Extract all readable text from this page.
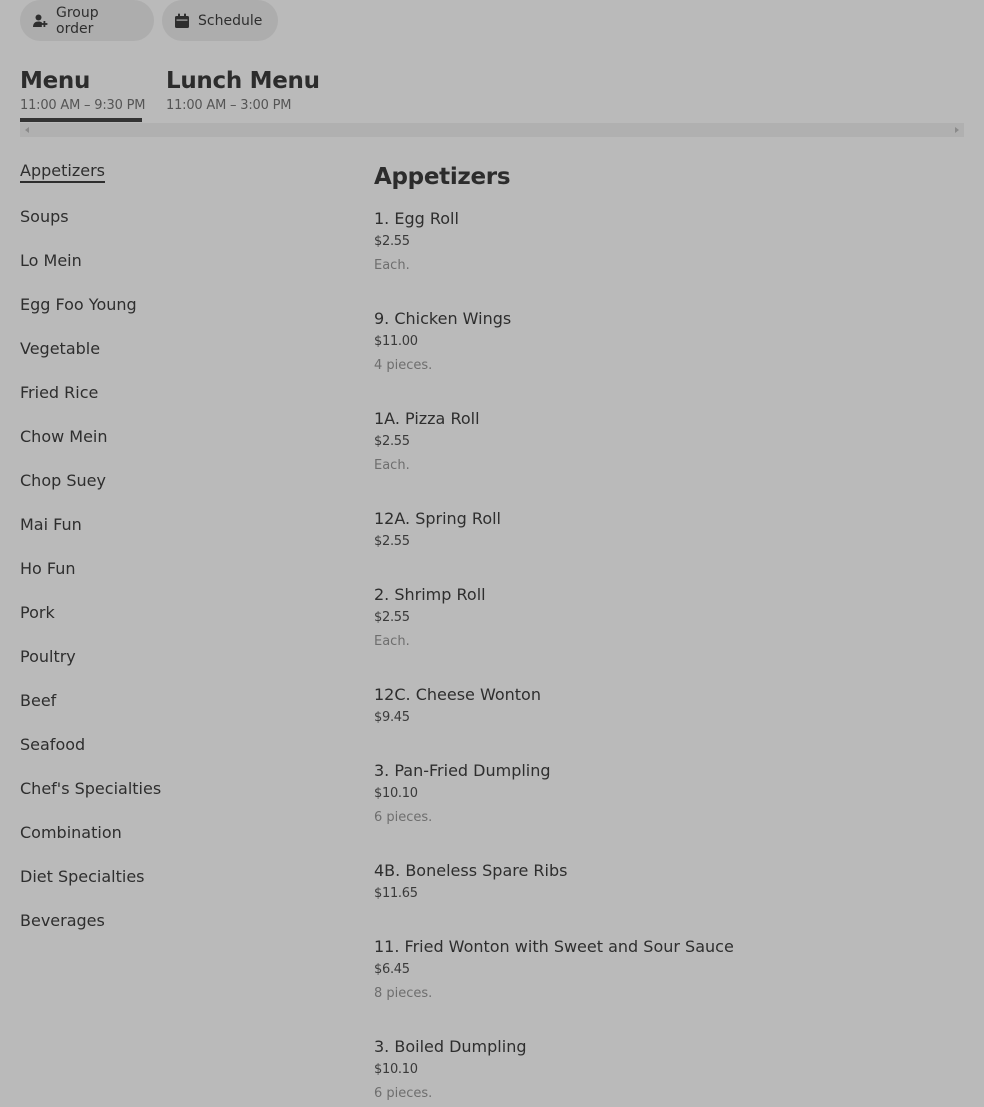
Group order	Schedule
Menu
11:00 AM – 9:30 PM
Lunch Menu
11:00 AM – 3:00 PM
Appetizers
Soups
Lo Mein
Egg Foo Young
Vegetable
Fried Rice
Chow Mein
Chop Suey
Mai Fun
Ho Fun
Pork
Poultry
Beef
Seafood
Chef's Specialties
Combination
Diet Specialties
Beverages
Appetizers
1. Egg Roll
$2.55
Each.
9. Chicken Wings
$11.00
4 pieces.
1A. Pizza Roll
$2.55
Each.
12A. Spring Roll
$2.55
2. Shrimp Roll
$2.55
Each.
12C. Cheese Wonton
$9.45
3. Pan-Fried Dumpling
$10.10
6 pieces.
4B. Boneless Spare Ribs
$11.65
11. Fried Wonton with Sweet and Sour Sauce
$6.45
8 pieces.
3. Boiled Dumpling
$10.10
6 pieces.
